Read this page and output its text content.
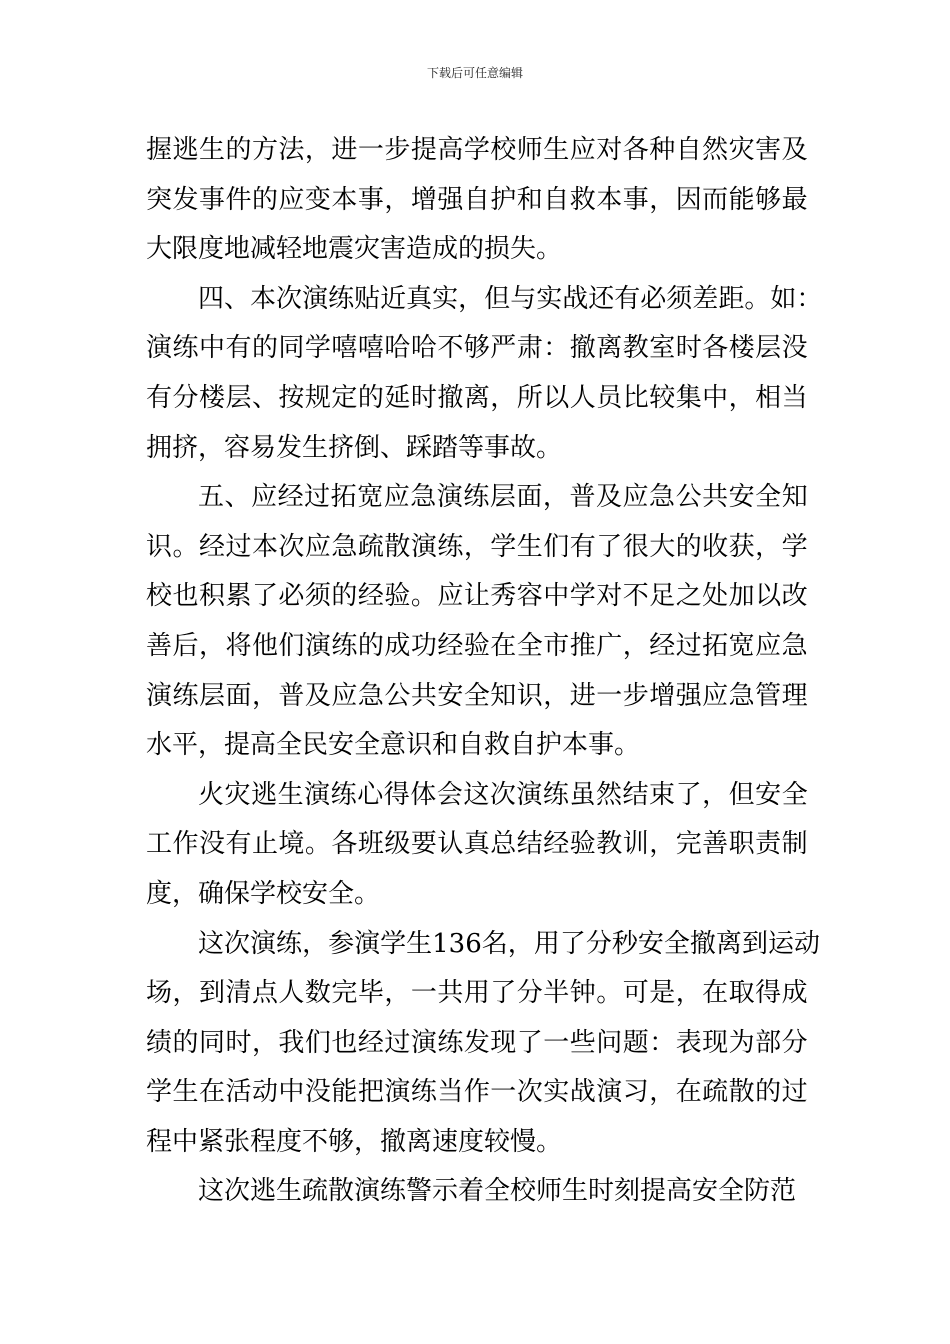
下载后可任意编辑
握 逃 生 的 方 法 ， 进 一 步 提 高 学 校 师 生 应 对 各 种 自 然 灾 害 及
突 发 事 件 的 应 变 本 事 ， 增 强 自 护 和 自 救 本 事 ， 因 而 能 够 最
大限度地减轻地震灾害造成的损失。
四 、 本 次 演 练 贴 近 真 实 ， 但 与 实 战 还 有 必 须 差 距 。 如 ：
演 练 中 有 的 同 学 嘻 嘻 哈 哈 不 够 严 肃 ： 撤 离 教 室 时 各 楼 层 没
有 分 楼 层 、 按 规 定 的 延 时 撤 离 ， 所 以 人 员 比 较 集 中 ， 相 当
拥挤，容易发生挤倒、踩踏等事故。
五 、 应 经 过 拓 宽 应 急 演 练 层 面 ， 普 及 应 急 公 共 安 全 知
识 。 经 过 本 次 应 急 疏 散 演 练 ， 学 生 们 有 了 很 大 的 收 获 ， 学
校 也 积 累 了 必 须 的 经 验 。 应 让 秀 容 中 学 对 不 足 之 处 加 以 改
善 后 ， 将 他 们 演 练 的 成 功 经 验 在 全 市 推 广 ， 经 过 拓 宽 应 急
演 练 层 面 ， 普 及 应 急 公 共 安 全 知 识 ， 进 一 步 增 强 应 急 管 理
水平，提高全民安全意识和自救自护本事。
火 灾 逃 生 演 练 心 得 体 会 这 次 演 练 虽 然 结 束 了 ， 但 安 全
工 作 没 有 止 境 。 各 班 级 要 认 真 总 结 经 验 教 训 ， 完 善 职 责 制
度，确保学校安全。
这 次 演 练 ， 参 演 学 生 136 名 ， 用 了 分 秒 安 全 撤 离 到 运 动
场 ， 到 清 点 人 数 完 毕 ， 一 共 用 了 分 半 钟 。 可 是 ， 在 取 得 成
绩 的 同 时 ， 我 们 也 经 过 演 练 发 现 了 一 些 问 题 ： 表 现 为 部 分
学 生 在 活 动 中 没 能 把 演 练 当 作 一 次 实 战 演 习 ， 在 疏 散 的 过
程中紧张程度不够，撤离速度较慢。
这次逃生疏散演练警示着全校师生时刻提高安全防范
